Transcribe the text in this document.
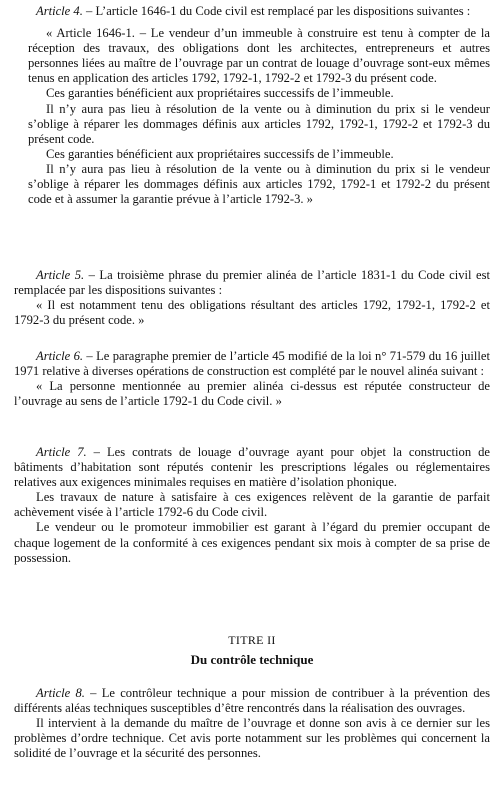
Article 4. – L’article 1646-1 du Code civil est remplacé par les dispositions suivantes :

« Article 1646-1. – Le vendeur d’un immeuble à construire est tenu à compter de la réception des travaux, des obligations dont les architectes, entrepreneurs et autres personnes liées au maître de l’ouvrage par un contrat de louage d’ouvrage sont-eux mêmes tenus en application des articles 1792, 1792-1, 1792-2 et 1792-3 du présent code.

Ces garanties bénéficient aux propriétaires successifs de l’immeuble.

Il n’y aura pas lieu à résolution de la vente ou à diminution du prix si le vendeur s’oblige à réparer les dommages définis aux articles 1792, 1792-1, 1792-2 et 1792-3 du présent code.

Ces garanties bénéficient aux propriétaires successifs de l’immeuble.

Il n’y aura pas lieu à résolution de la vente ou à diminution du prix si le vendeur s’oblige à réparer les dommages définis aux articles 1792, 1792-1 et 1792-2 du présent code et à assumer la garantie prévue à l’article 1792-3. »

Article 5. – La troisième phrase du premier alinéa de l’article 1831-1 du Code civil est remplacée par les dispositions suivantes :

« Il est notamment tenu des obligations résultant des articles 1792, 1792-1, 1792-2 et 1792-3 du présent code. »

Article 6. – Le paragraphe premier de l’article 45 modifié de la loi n° 71-579 du 16 juillet 1971 relative à diverses opérations de construction est complété par le nouvel alinéa suivant :

« La personne mentionnée au premier alinéa ci-dessus est réputée constructeur de l’ouvrage au sens de l’article 1792-1 du Code civil. »

Article 7. – Les contrats de louage d’ouvrage ayant pour objet la construction de bâtiments d’habitation sont réputés contenir les prescriptions légales ou réglementaires relatives aux exigences minimales requises en matière d’isolation phonique.

Les travaux de nature à satisfaire à ces exigences relèvent de la garantie de parfait achèvement visée à l’article 1792-6 du Code civil.

Le vendeur ou le promoteur immobilier est garant à l’égard du premier occupant de chaque logement de la conformité à ces exigences pendant six mois à compter de sa prise de possession.

TITRE II

Du contrôle technique

Article 8. – Le contrôleur technique a pour mission de contribuer à la prévention des différents aléas techniques susceptibles d’être rencontrés dans la réalisation des ouvrages.

Il intervient à la demande du maître de l’ouvrage et donne son avis à ce dernier sur les problèmes d’ordre technique. Cet avis porte notamment sur les problèmes qui concernent la solidité de l’ouvrage et la sécurité des personnes.
